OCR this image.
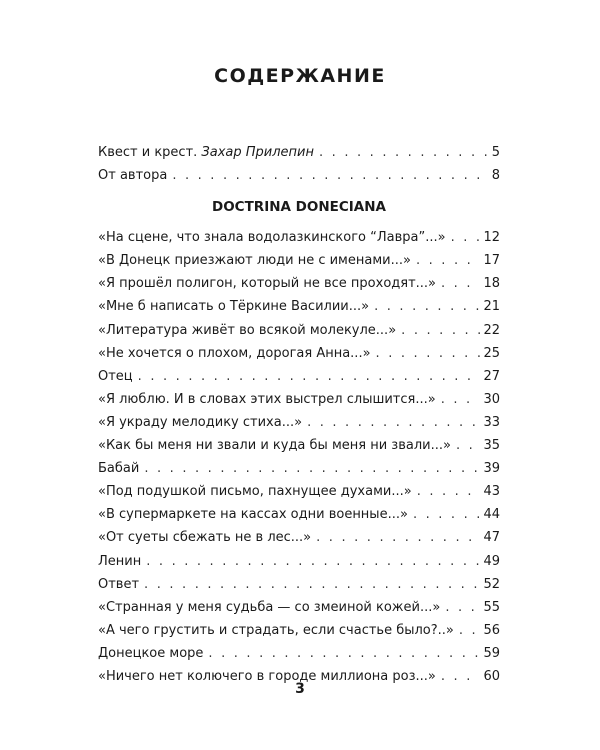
СОДЕРЖАНИЕ
Квест и крест. Захар Прилепин . . .	5
От автора . . .	8
DOCTRINA DONECIANA
«На сцене, что знала водолазкинского “Лавра”...» . . .	12
«В Донецк приезжают люди не с именами...» . . .	17
«Я прошёл полигон, который не все проходят...» . . .	18
«Мне б написать о Тёркине Василии...» . . .	21
«Литература живёт во всякой молекуле...» . . .	22
«Не хочется о плохом, дорогая Анна...» . . .	25
Отец . . .	27
«Я люблю. И в словах этих выстрел слышится...» . . .	30
«Я украду мелодику стиха...» . . .	33
«Как бы меня ни звали и куда бы меня ни звали...» . . .	35
Бабай . . .	39
«Под подушкой письмо, пахнущее духами...» . . .	43
«В супермаркете на кассах одни военные...» . . .	44
«От суеты сбежать не в лес...» . . .	47
Ленин . . .	49
Ответ . . .	52
«Странная у меня судьба — со змеиной кожей...» . . .	55
«А чего грустить и страдать, если счастье было?..» . . . 56
Донецкое море . . .	59
«Ничего нет колючего в городе миллиона роз...» . . .	60
3
